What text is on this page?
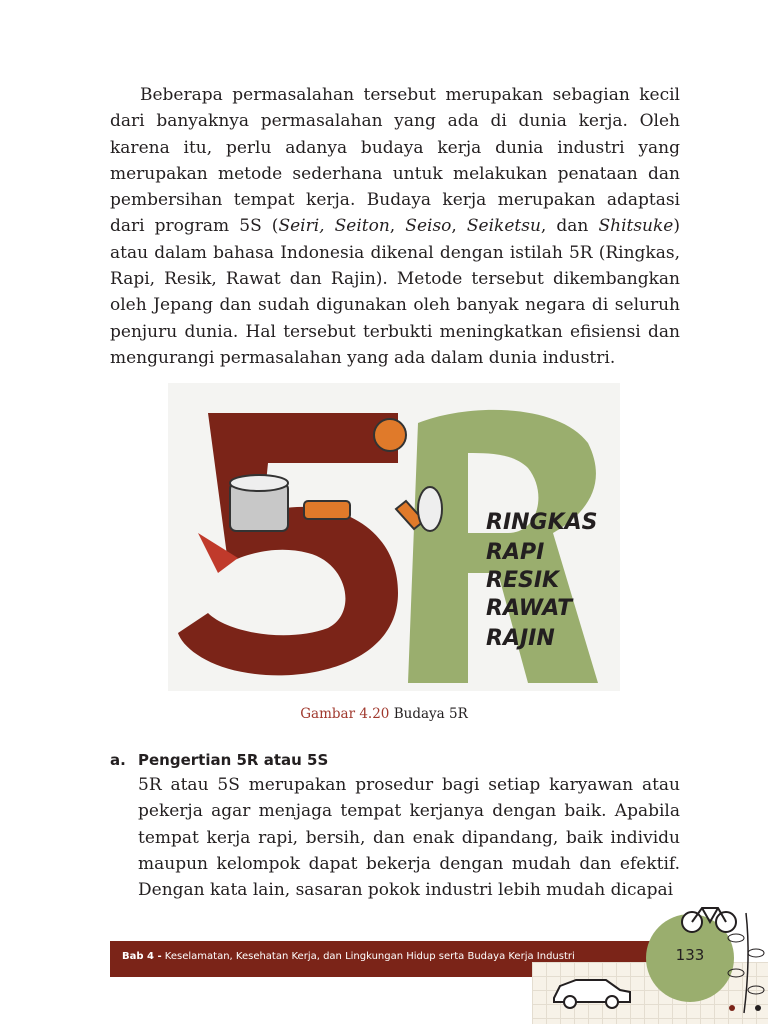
Beberapa permasalahan tersebut merupakan sebagian kecil dari banyaknya permasalahan yang ada di dunia kerja. Oleh karena itu, perlu adanya budaya kerja dunia industri yang merupakan metode sederhana untuk melakukan penataan dan pembersihan tempat kerja. Budaya kerja merupakan adaptasi dari program 5S (Seiri, Seiton, Seiso, Seiketsu, dan Shitsuke) atau dalam bahasa Indonesia dikenal dengan istilah 5R (Ringkas, Rapi, Resik, Rawat dan Rajin). Metode tersebut dikembangkan oleh Jepang dan sudah digunakan oleh banyak negara di seluruh penjuru dunia. Hal tersebut terbukti meningkatkan efisiensi dan mengurangi permasalahan yang ada dalam dunia industri.

RINGKAS
RAPI
RESIK
RAWAT
RAJIN
Gambar 4.20 Budaya 5R
a. Pengertian 5R atau 5S

5R atau 5S merupakan prosedur bagi setiap karyawan atau pekerja agar menjaga tempat kerjanya dengan baik. Apabila tempat kerja rapi, bersih, dan enak dipandang, baik individu maupun kelompok dapat bekerja dengan mudah dan efektif. Dengan kata lain, sasaran pokok industri lebih mudah dicapai

Bab 4 - Keselamatan, Kesehatan Kerja, dan Lingkungan Hidup serta Budaya Kerja Industri	133
